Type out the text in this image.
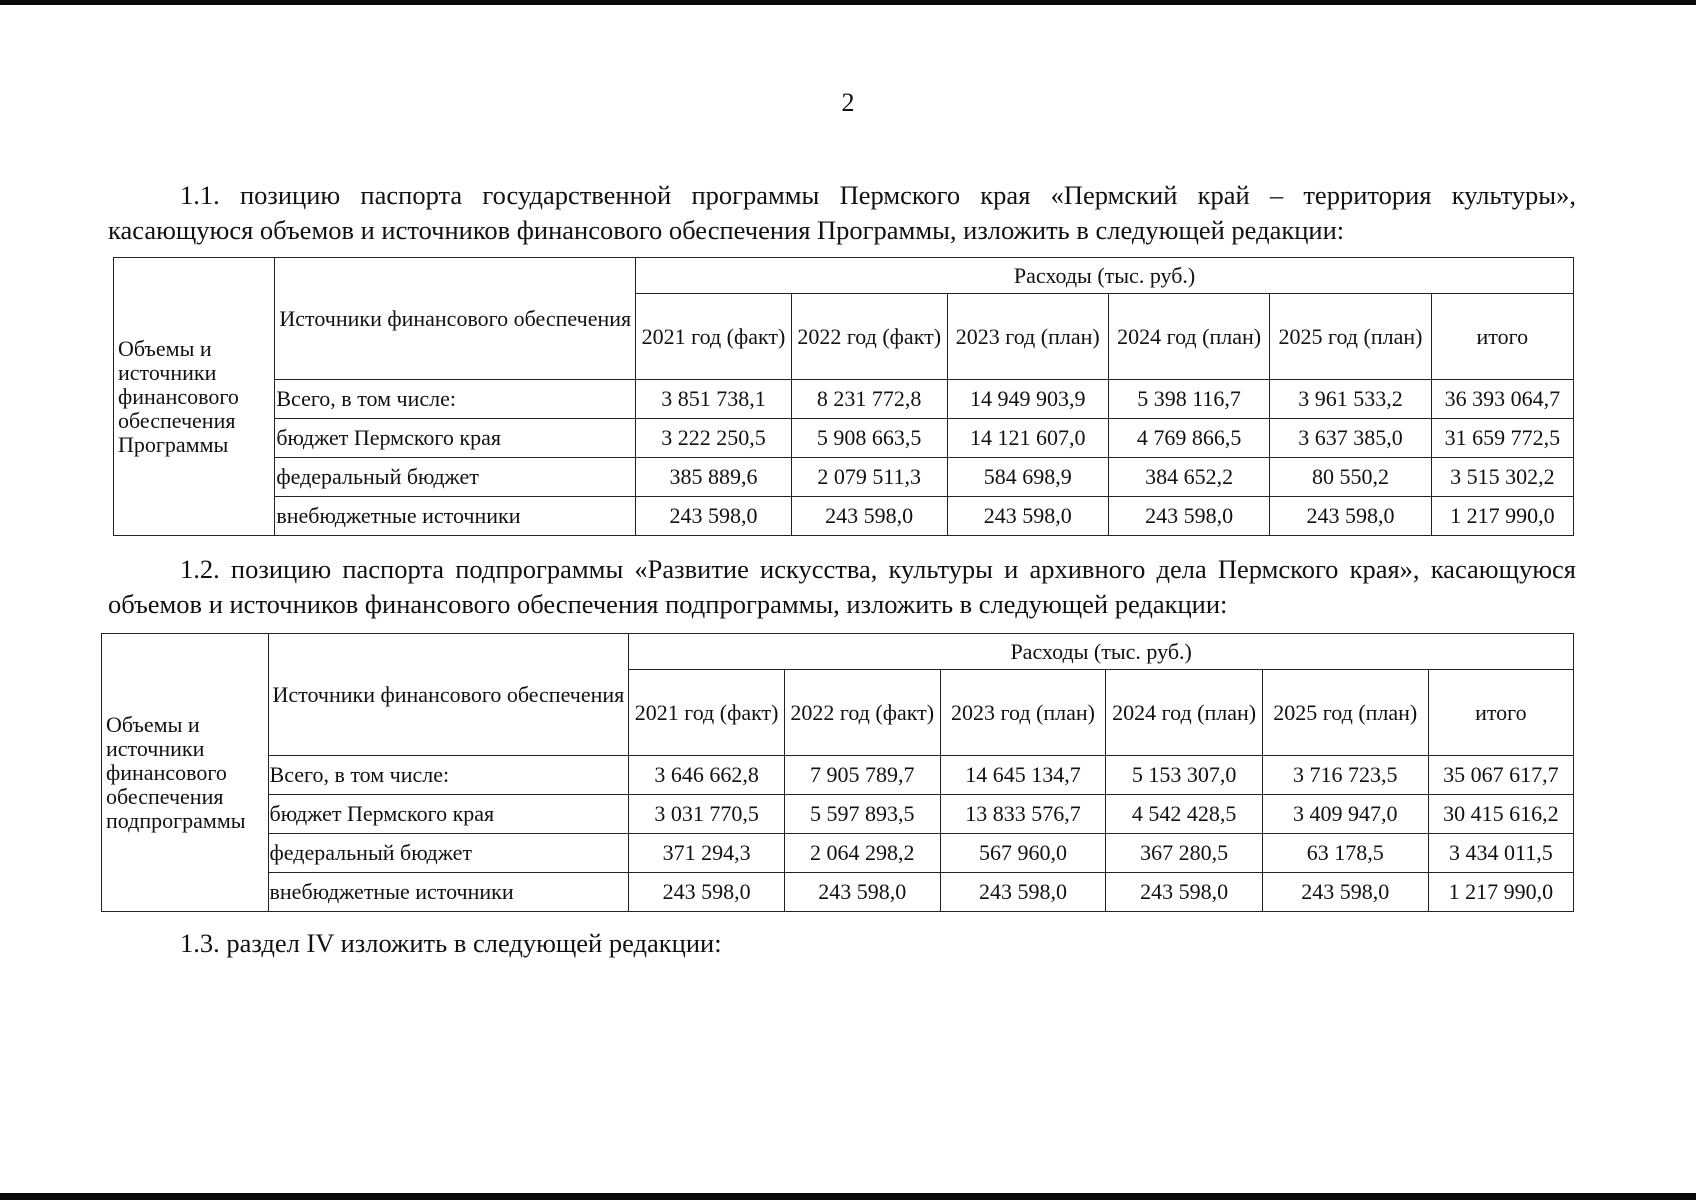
2
1.1. позицию паспорта государственной программы Пермского края «Пермский край – территория культуры», касающуюся объемов и источников финансового обеспечения Программы, изложить в следующей редакции:
Объемы и источники финансового обеспечения Программы	Источники финансового обеспечения	Расходы (тыс. руб.)					
		2021 год (факт)	2022 год (факт)	2023 год (план)	2024 год (план)	2025 год (план)	итого
	Всего, в том числе:	3 851 738,1	8 231 772,8	14 949 903,9	5 398 116,7	3 961 533,2	36 393 064,7
	бюджет Пермского края	3 222 250,5	5 908 663,5	14 121 607,0	4 769 866,5	3 637 385,0	31 659 772,5
	федеральный бюджет	385 889,6	2 079 511,3	584 698,9	384 652,2	80 550,2	3 515 302,2
	внебюджетные источники	243 598,0	243 598,0	243 598,0	243 598,0	243 598,0	1 217 990,0
1.2. позицию паспорта подпрограммы «Развитие искусства, культуры и архивного дела Пермского края», касающуюся объемов и источников финансового обеспечения подпрограммы, изложить в следующей редакции:
Объемы и источники финансового обеспечения подпрограммы	Источники финансового обеспечения	Расходы (тыс. руб.)					
		2021 год (факт)	2022 год (факт)	2023 год (план)	2024 год (план)	2025 год (план)	итого
	Всего, в том числе:	3 646 662,8	7 905 789,7	14 645 134,7	5 153 307,0	3 716 723,5	35 067 617,7
	бюджет Пермского края	3 031 770,5	5 597 893,5	13 833 576,7	4 542 428,5	3 409 947,0	30 415 616,2
	федеральный бюджет	371 294,3	2 064 298,2	567 960,0	367 280,5	63 178,5	3 434 011,5
	внебюджетные источники	243 598,0	243 598,0	243 598,0	243 598,0	243 598,0	1 217 990,0
1.3. раздел IV изложить в следующей редакции:
